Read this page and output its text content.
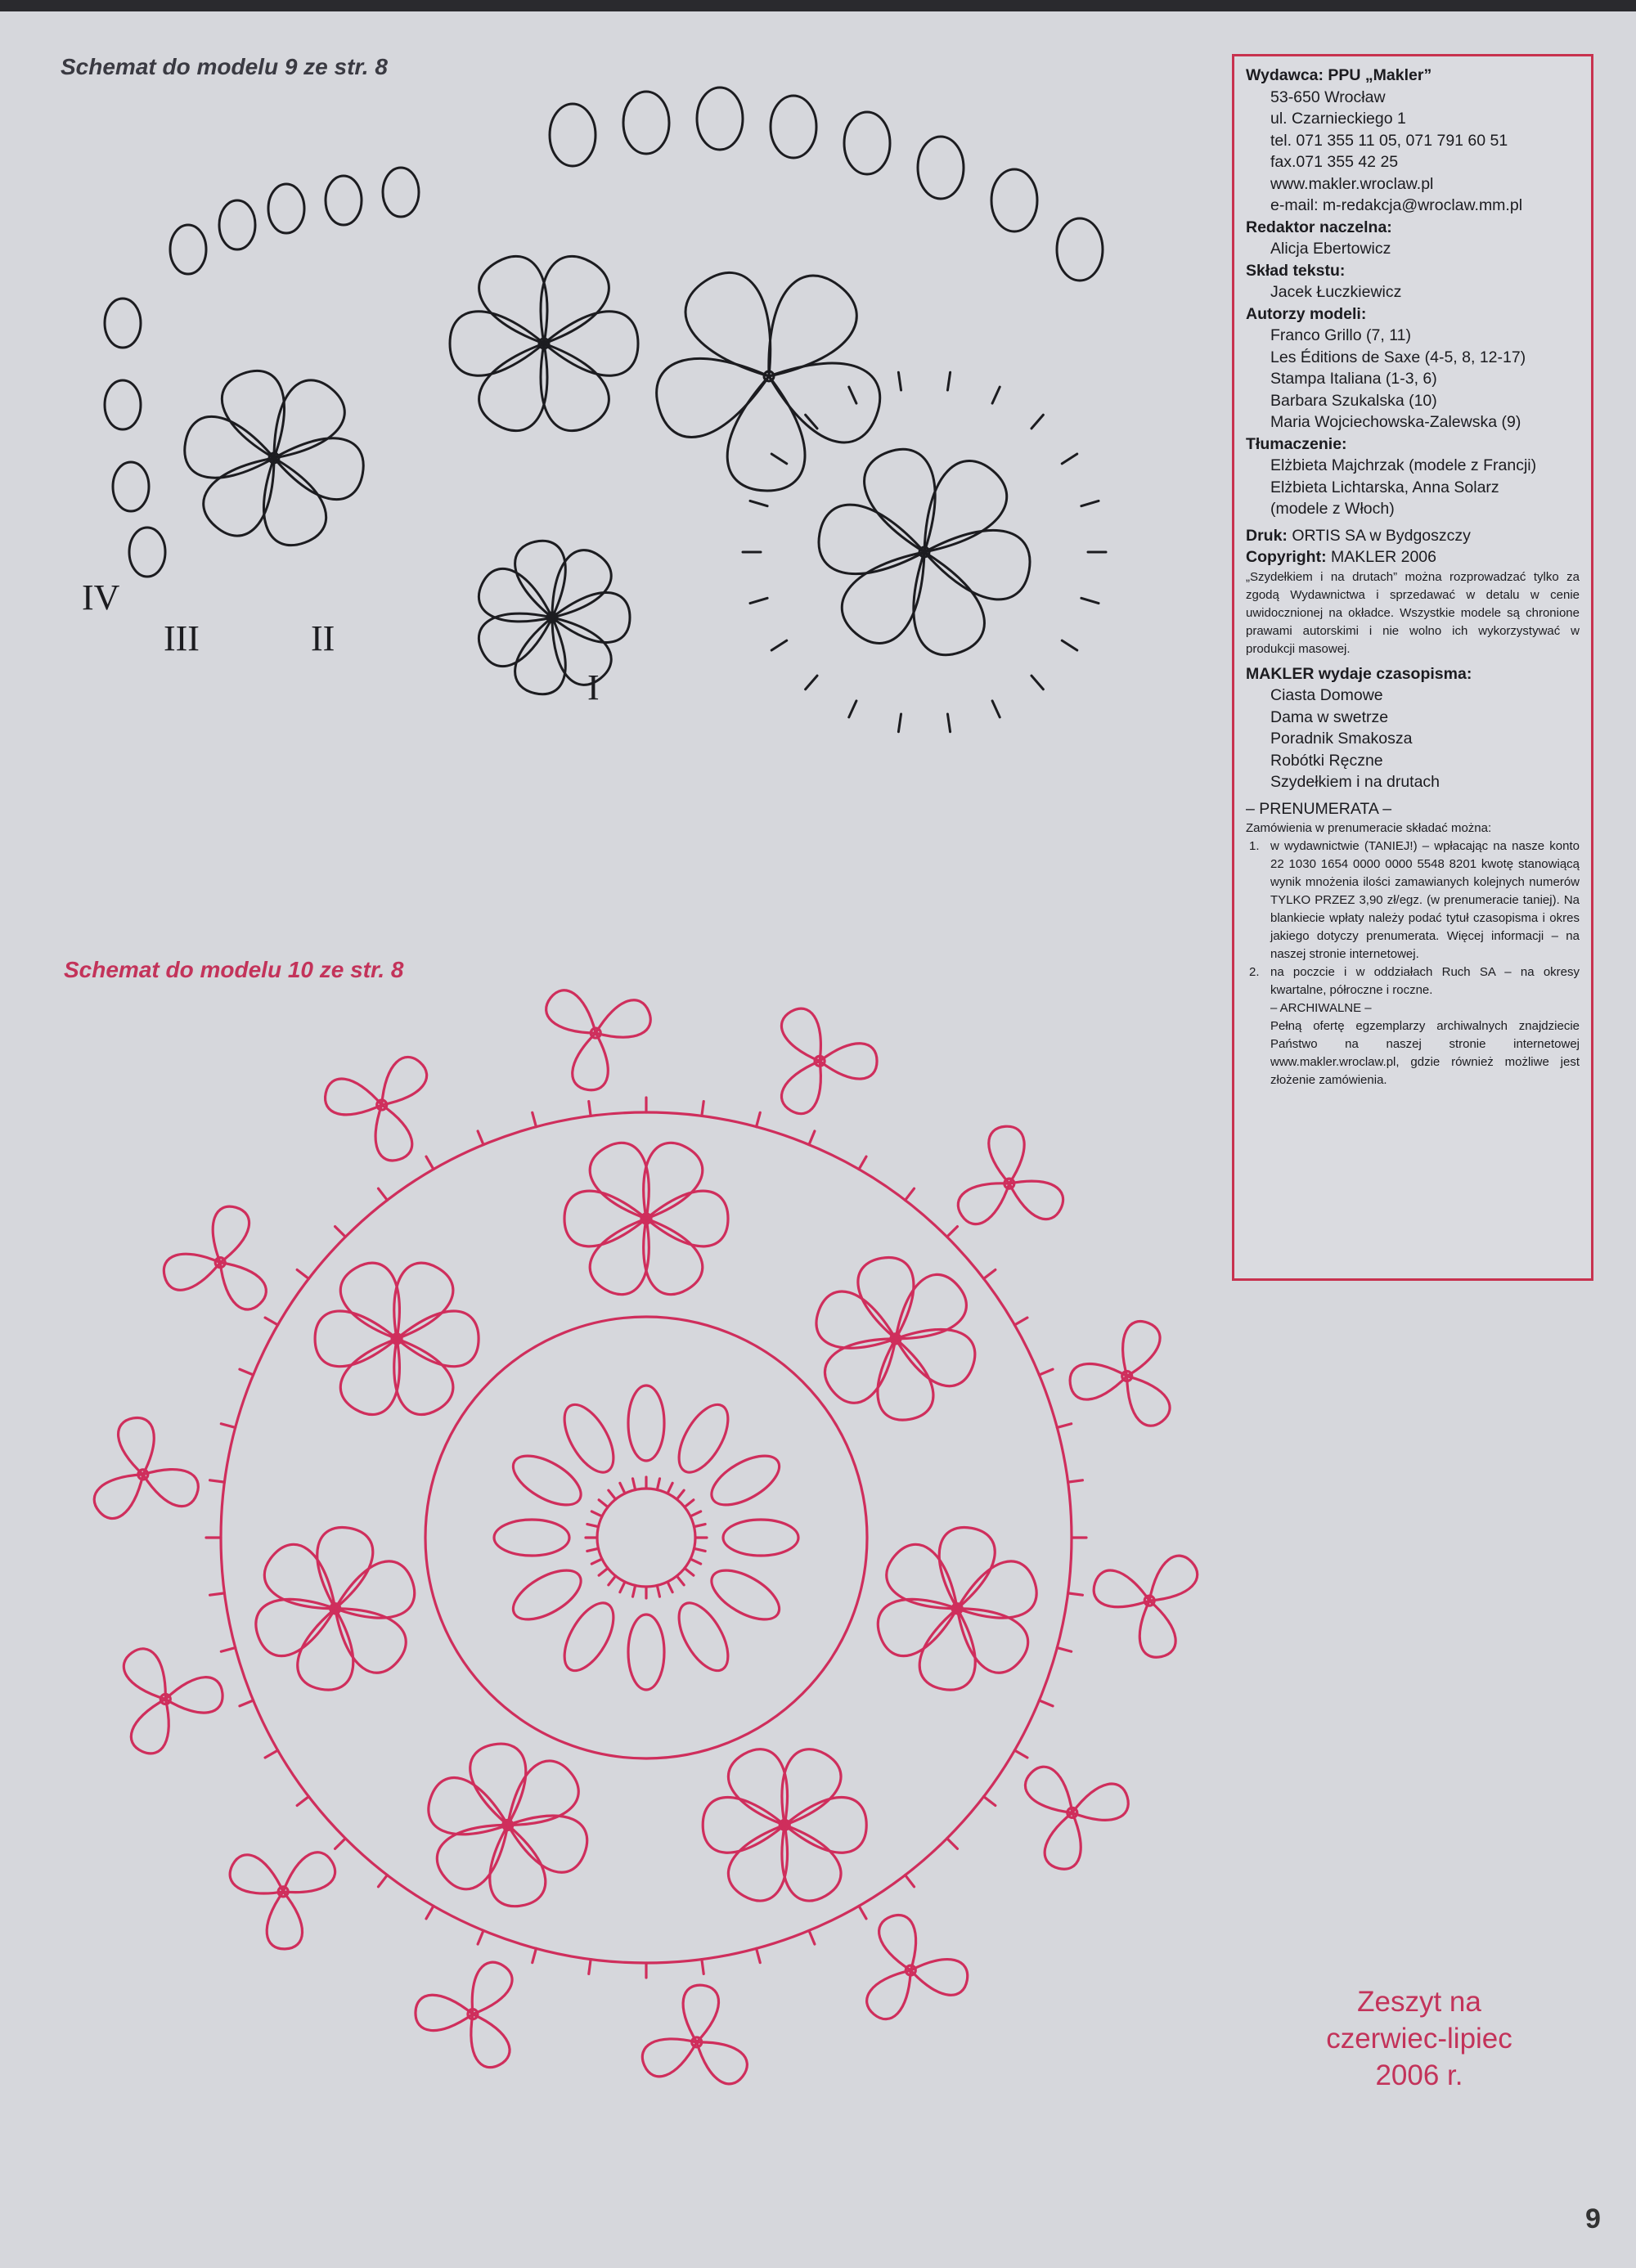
Schemat do modelu 9 ze str. 8
IV
III	II
I
Schemat do modelu 10 ze str. 8

Wydawca: PPU „Makler”

53-650 Wrocław

ul. Czarnieckiego 1

tel. 071 355 11 05, 071 791 60 51

fax.071 355 42 25

www.makler.wroclaw.pl

e-mail: m-redakcja@wroclaw.mm.pl

Redaktor naczelna:

Alicja Ebertowicz

Skład tekstu:

Jacek Łuczkiewicz

Autorzy modeli:

Franco Grillo (7, 11)

Les Éditions de Saxe (4-5, 8, 12-17)

Stampa Italiana (1-3, 6)

Barbara Szukalska (10)

Maria Wojciechowska-Zalewska (9)

Tłumaczenie:

Elżbieta Majchrzak (modele z Francji)

Elżbieta Lichtarska, Anna Solarz

(modele z Włoch)

Druk: ORTIS SA w Bydgoszczy

Copyright: MAKLER 2006

„Szydełkiem i na drutach” można rozprowadzać tylko za zgodą Wydawnictwa i sprzedawać w detalu w cenie uwidocznionej na okładce. Wszystkie modele są chronione prawami autorskimi i nie wolno ich wykorzystywać w produkcji masowej.

MAKLER wydaje czasopisma:

Ciasta Domowe

Dama w swetrze

Poradnik Smakosza

Robótki Ręczne

Szydełkiem i na drutach

– PRENUMERATA –

Zamówienia w prenumeracie składać można:

1. w wydawnictwie (TANIEJ!) – wpłacając na nasze konto 22 1030 1654 0000 0000 5548 8201 kwotę stanowiącą wynik mnożenia ilości zamawianych kolejnych numerów TYLKO PRZEZ 3,90 zł/egz. (w prenumeracie taniej). Na blankiecie wpłaty należy podać tytuł czasopisma i okres jakiego dotyczy prenumerata. Więcej informacji – na naszej stronie internetowej.
2. na poczcie i w oddziałach Ruch SA – na okresy kwartalne, półroczne i roczne.

– ARCHIWALNE –

Pełną ofertę egzemplarzy archiwalnych znajdziecie Państwo na naszej stronie internetowej www.makler.wroclaw.pl, gdzie również możliwe jest złożenie zamówienia.

Zeszyt na
czerwiec-lipiec
2006 r.
9
